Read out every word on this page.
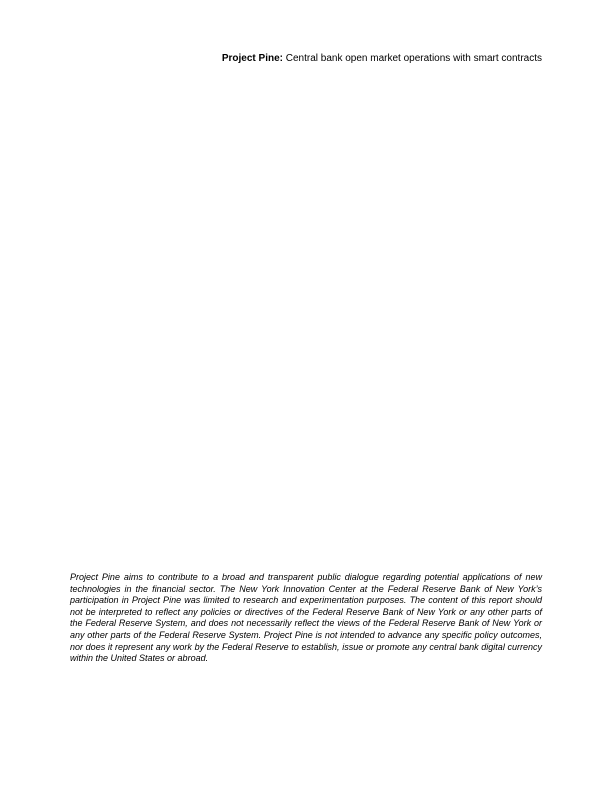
Project Pine: Central bank open market operations with smart contracts

Project Pine aims to contribute to a broad and transparent public dialogue regarding potential applications of new technologies in the financial sector. The New York Innovation Center at the Federal Reserve Bank of New York’s participation in Project Pine was limited to research and experimentation purposes. The content of this report should not be interpreted to reflect any policies or directives of the Federal Reserve Bank of New York or any other parts of the Federal Reserve System, and does not necessarily reflect the views of the Federal Reserve Bank of New York or any other parts of the Federal Reserve System. Project Pine is not intended to advance any specific policy outcomes, nor does it represent any work by the Federal Reserve to establish, issue or promote any central bank digital currency within the United States or abroad.
